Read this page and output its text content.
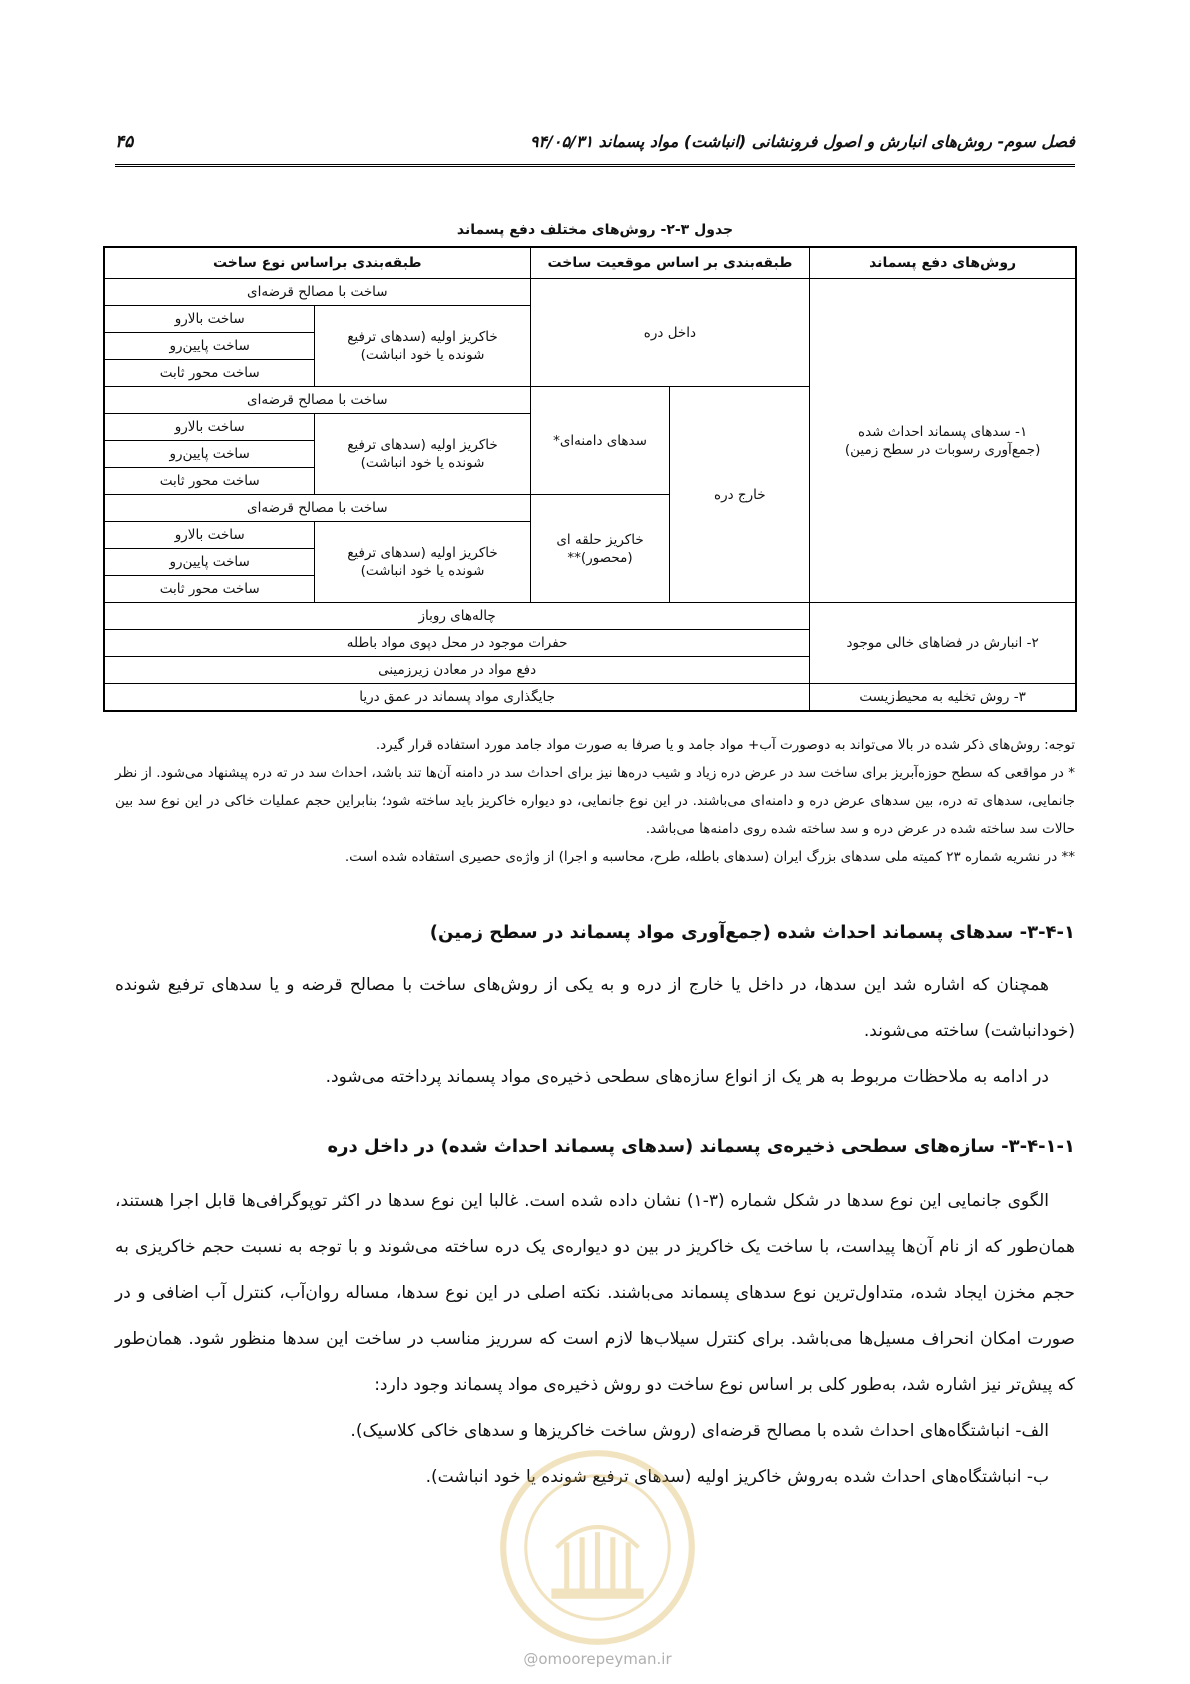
فصل سوم- روش‌های انبارش و اصول فرونشانی (انباشت) مواد پسماند ۹۴/۰۵/۳۱
۴۵
جدول ۳-۲- روش‌های مختلف دفع پسماند
روش‌های دفع پسماند	طبقه‌بندی بر اساس موقعیت ساخت		طبقه‌بندی براساس نوع ساخت	

۱- سدهای پسماند احداث شده
(جمع‌آوری رسوبات در سطح زمین)	داخل دره		ساخت با مصالح قرضه‌ای	

			خاکریز اولیه (سدهای ترفیع
شونده یا خود انباشت)	ساخت بالارو
				ساخت پایین‌رو
				ساخت محور ثابت
	خارج دره	سدهای دامنه‌ای*	ساخت با مصالح قرضه‌ای	

			خاکریز اولیه (سدهای ترفیع
شونده یا خود انباشت)	ساخت بالارو
				ساخت پایین‌رو
				ساخت محور ثابت

		خاکریز حلقه ای
(محصور)**	ساخت با مصالح قرضه‌ای	

			خاکریز اولیه (سدهای ترفیع
شونده یا خود انباشت)	ساخت بالارو
				ساخت پایین‌رو
				ساخت محور ثابت
۲- انبارش در فضاهای خالی موجود	چاله‌های روباز			
	حفرات موجود در محل دپوی مواد باطله			
	دفع مواد در معادن زیرزمینی			
۳- روش تخلیه به محیط‌زیست	جایگذاری مواد پسماند در عمق دریا			

توجه: روش‌های ذکر شده در بالا می‌تواند به دوصورت آب+ مواد جامد و یا صرفا به صورت مواد جامد مورد استفاده قرار گیرد.

* در مواقعی که سطح حوزه‌آبریز برای ساخت سد در عرض دره زیاد و شیب دره‌ها نیز برای احداث سد در دامنه آن‌ها تند باشد، احداث سد در ته دره پیشنهاد می‌شود. از نظر جانمایی، سدهای ته دره، بین سدهای عرض دره و دامنه‌ای می‌باشند. در این نوع جانمایی، دو دیواره خاکریز باید ساخته شود؛ بنابراین حجم عملیات خاکی در این نوع سد بین حالات سد ساخته شده در عرض دره و سد ساخته شده روی دامنه‌ها می‌باشد.

** در نشریه شماره ۲۳ کمیته ملی سدهای بزرگ ایران (سدهای باطله، طرح، محاسبه و اجرا) از واژه‌ی حصیری استفاده شده است.

۳-۴-۱- سدهای پسماند احداث شده (جمع‌آوری مواد پسماند در سطح زمین)

همچنان که اشاره شد این سدها، در داخل یا خارج از دره و به یکی از روش‌های ساخت با مصالح قرضه و یا سدهای ترفیع شونده (خودانباشت) ساخته می‌شوند.

در ادامه به ملاحظات مربوط به هر یک از انواع سازه‌های سطحی ذخیره‌ی مواد پسماند پرداخته می‌شود.

۳-۴-۱-۱- سازه‌های سطحی ذخیره‌ی پسماند (سدهای پسماند احداث شده) در داخل دره

الگوی جانمایی این نوع سدها در شکل شماره (۳-۱) نشان داده شده است. غالبا این نوع سدها در اکثر توپوگرافی‌ها قابل اجرا هستند، همان‌طور که از نام آن‌ها پیداست، با ساخت یک خاکریز در بین دو دیواره‌ی یک دره ساخته می‌شوند و با توجه به نسبت حجم خاکریزی به حجم مخزن ایجاد شده، متداول‌ترین نوع سدهای پسماند می‌باشند. نکته اصلی در این نوع سدها، مساله روان‌آب، کنترل آب اضافی و در صورت امکان انحراف مسیل‌ها می‌باشد. برای کنترل سیلاب‌ها لازم است که سرریز مناسب در ساخت این سدها منظور شود. همان‌طور که پیش‌تر نیز اشاره شد، به‌طور کلی بر اساس نوع ساخت دو روش ذخیره‌ی مواد پسماند وجود دارد:

الف- انباشتگاه‌های احداث شده با مصالح قرضه‌ای (روش ساخت خاکریزها و سدهای خاکی کلاسیک).

ب- انباشتگاه‌های احداث شده به‌روش خاکریز اولیه (سدهای ترفیع شونده یا خود انباشت).

@omoorepeyman.ir
